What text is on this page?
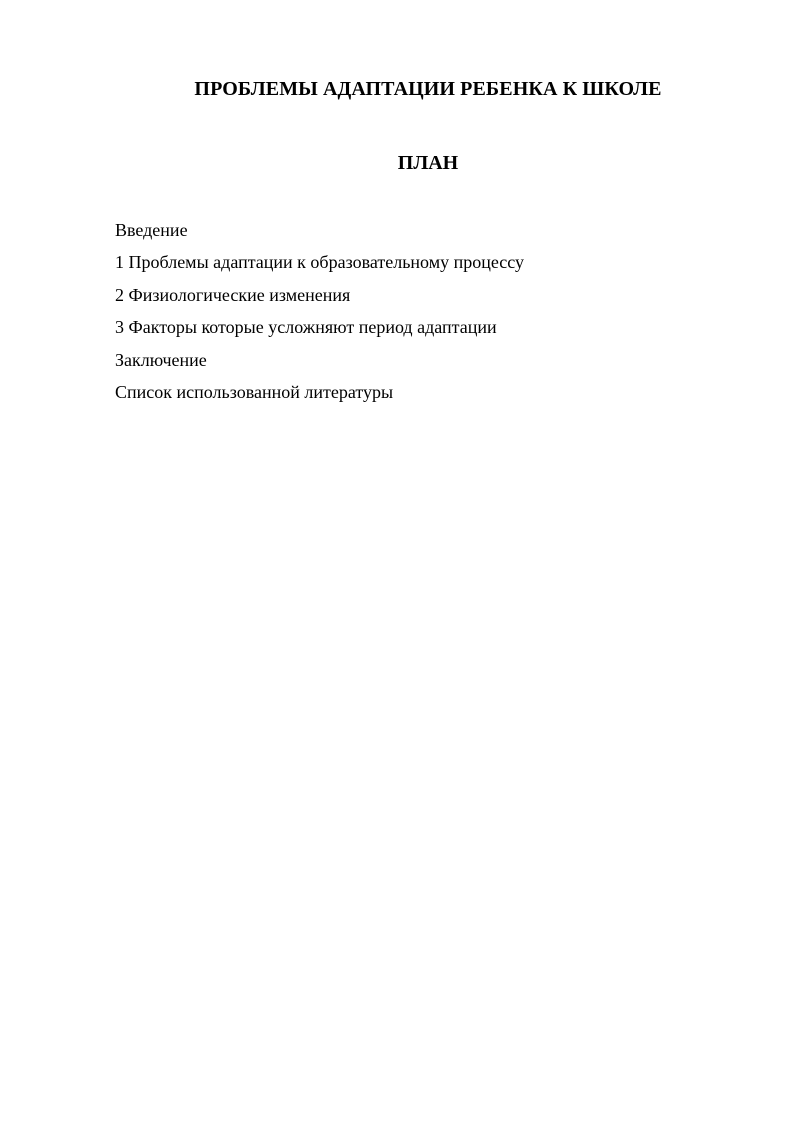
ПРОБЛЕМЫ АДАПТАЦИИ РЕБЕНКА К ШКОЛЕ
ПЛАН
Введение
1 Проблемы адаптации к образовательному процессу
2 Физиологические изменения
3 Факторы которые усложняют период адаптации
Заключение
Список использованной литературы
